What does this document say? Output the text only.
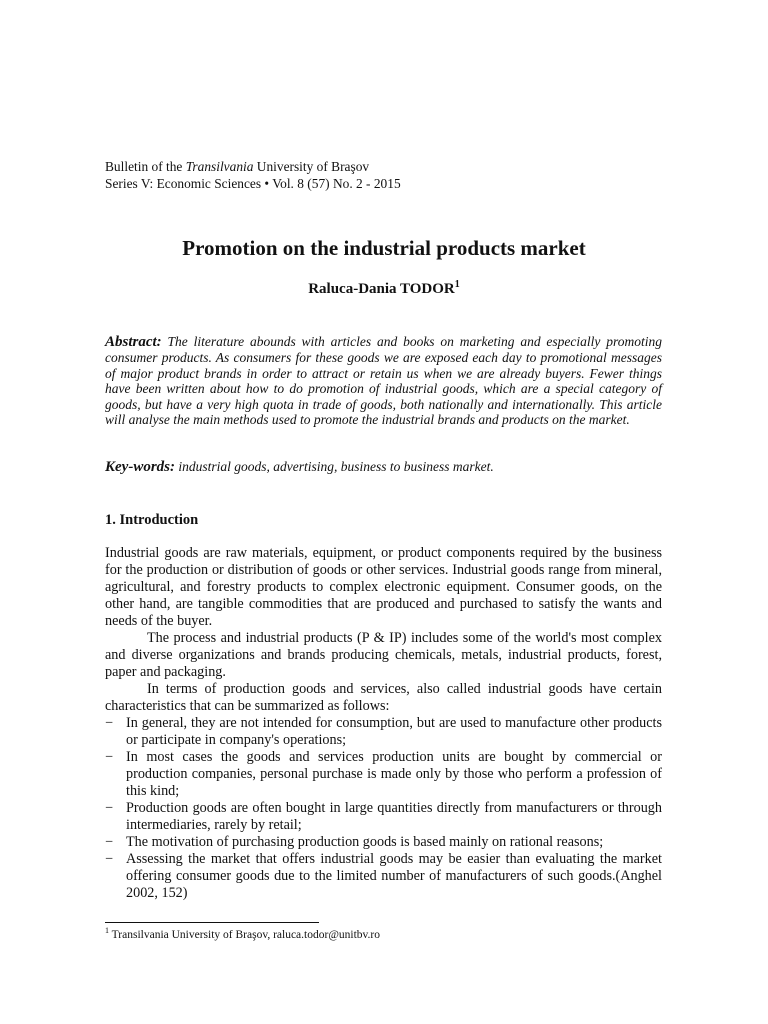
Bulletin of the Transilvania University of Braşov
Series V: Economic Sciences • Vol. 8 (57) No. 2 - 2015
Promotion on the industrial products market
Raluca-Dania TODOR$^1$
Abstract: The literature abounds with articles and books on marketing and especially promoting consumer products. As consumers for these goods we are exposed each day to promotional messages of major product brands in order to attract or retain us when we are already buyers. Fewer things have been written about how to do promotion of industrial goods, which are a special category of goods, but have a very high quota in trade of goods, both nationally and internationally. This article will analyse the main methods used to promote the industrial brands and products on the market.
Key-words: industrial goods, advertising, business to business market.
1. Introduction

Industrial goods are raw materials, equipment, or product components required by the business for the production or distribution of goods or other services. Industrial goods range from mineral, agricultural, and forestry products to complex electronic equipment. Consumer goods, on the other hand, are tangible commodities that are produced and purchased to satisfy the wants and needs of the buyer.

The process and industrial products (P & IP) includes some of the world's most complex and diverse organizations and brands producing chemicals, metals, industrial products, forest, paper and packaging.

In terms of production goods and services, also called industrial goods have certain characteristics that can be summarized as follows:

− In general, they are not intended for consumption, but are used to manufacture other products or participate in company's operations;
− In most cases the goods and services production units are bought by commercial or production companies, personal purchase is made only by those who perform a profession of this kind;
− Production goods are often bought in large quantities directly from manufacturers or through intermediaries, rarely by retail;
− The motivation of purchasing production goods is based mainly on rational reasons;
− Assessing the market that offers industrial goods may be easier than evaluating the market offering consumer goods due to the limited number of manufacturers of such goods.(Anghel 2002, 152)
$^1$ Transilvania University of Braşov, raluca.todor@unitbv.ro
